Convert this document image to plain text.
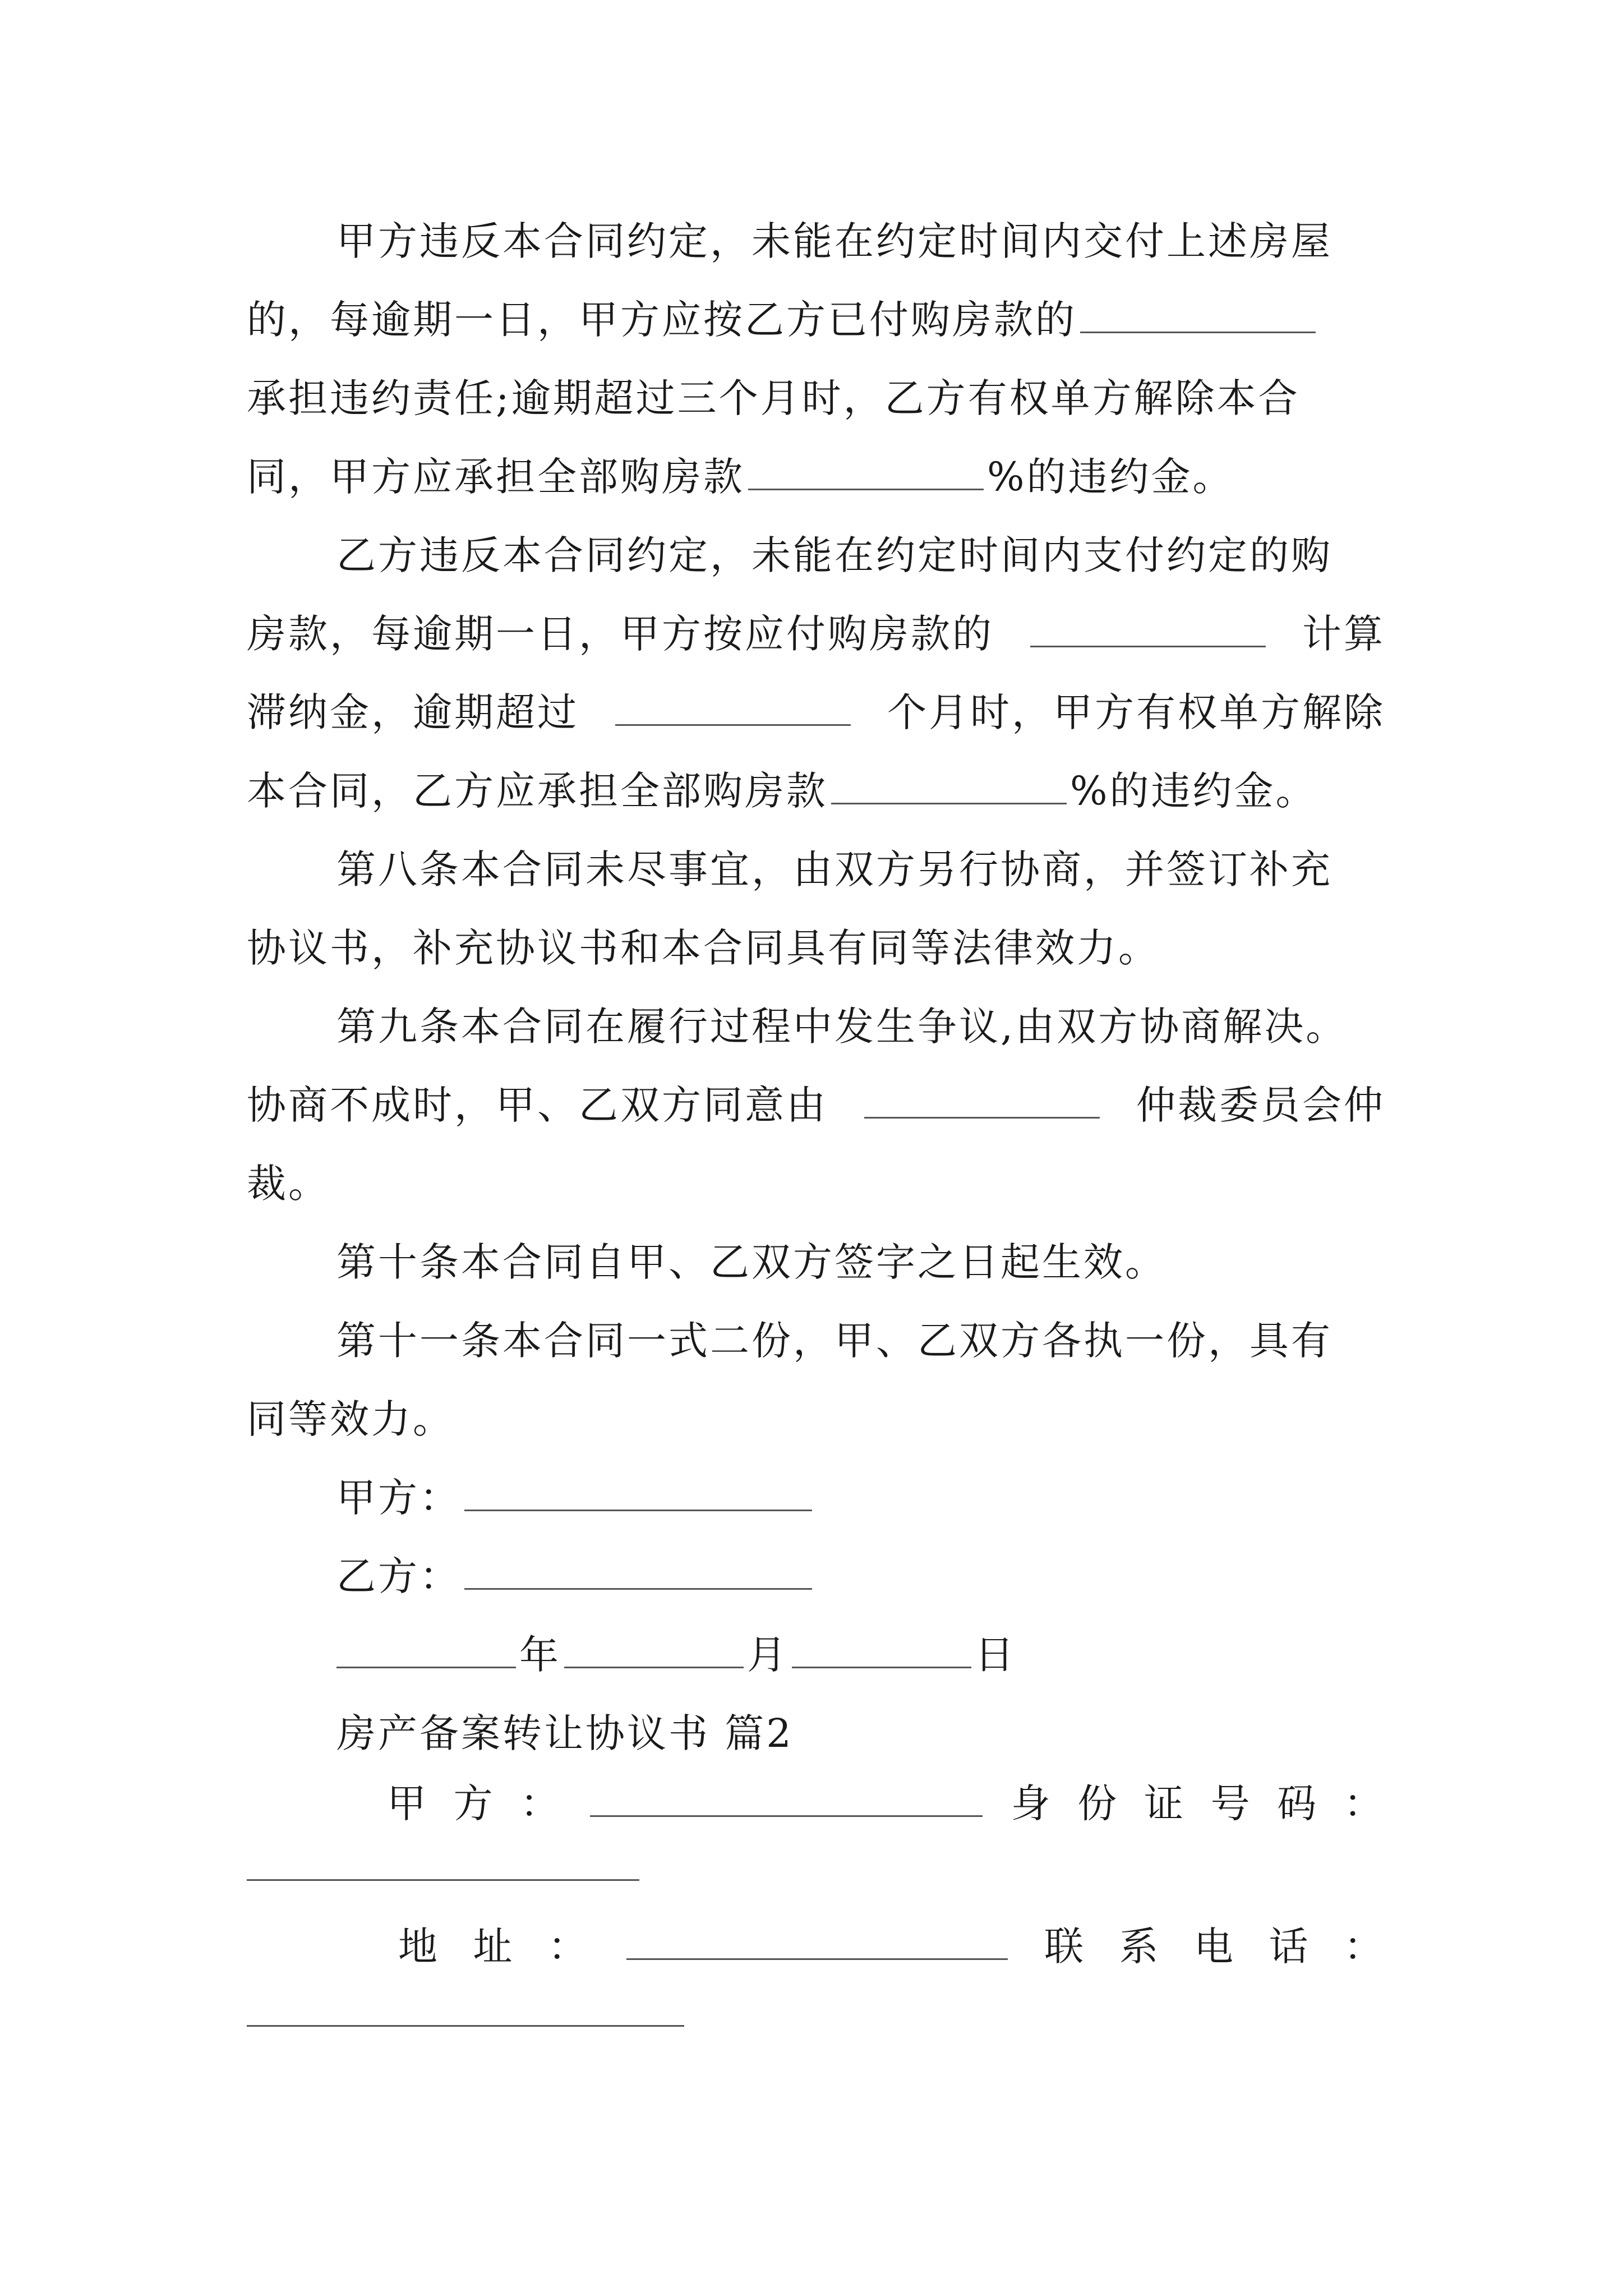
甲方违反本合同约定，未能在约定时间内交付上述房屋
的，每逾期一日，甲方应按乙方已付购房款的
承担违约责任;逾期超过三个月时，乙方有权单方解除本合
同，甲方应承担全部购房款	%的违约金。
乙方违反本合同约定，未能在约定时间内支付约定的购
房款，每逾期一日，甲方按应付购房款的	计算
滞纳金，逾期超过	个月时，甲方有权单方解除
本合同，乙方应承担全部购房款	%的违约金。
第八条本合同未尽事宜，由双方另行协商，并签订补充
协议书，补充协议书和本合同具有同等法律效力。
第九条本合同在履行过程中发生争议,由双方协商解决。
协商不成时，甲、乙双方同意由	仲裁委员会仲
裁。
第十条本合同自甲、乙双方签字之日起生效。
第十一条本合同一式二份，甲、乙双方各执一份，具有
同等效力。
甲方：
乙方：
年	月	日
房产备案转让协议书 篇2
甲 方 ：	身 份 证 号 码 ：
地 址 ：	联 系 电 话 ：
